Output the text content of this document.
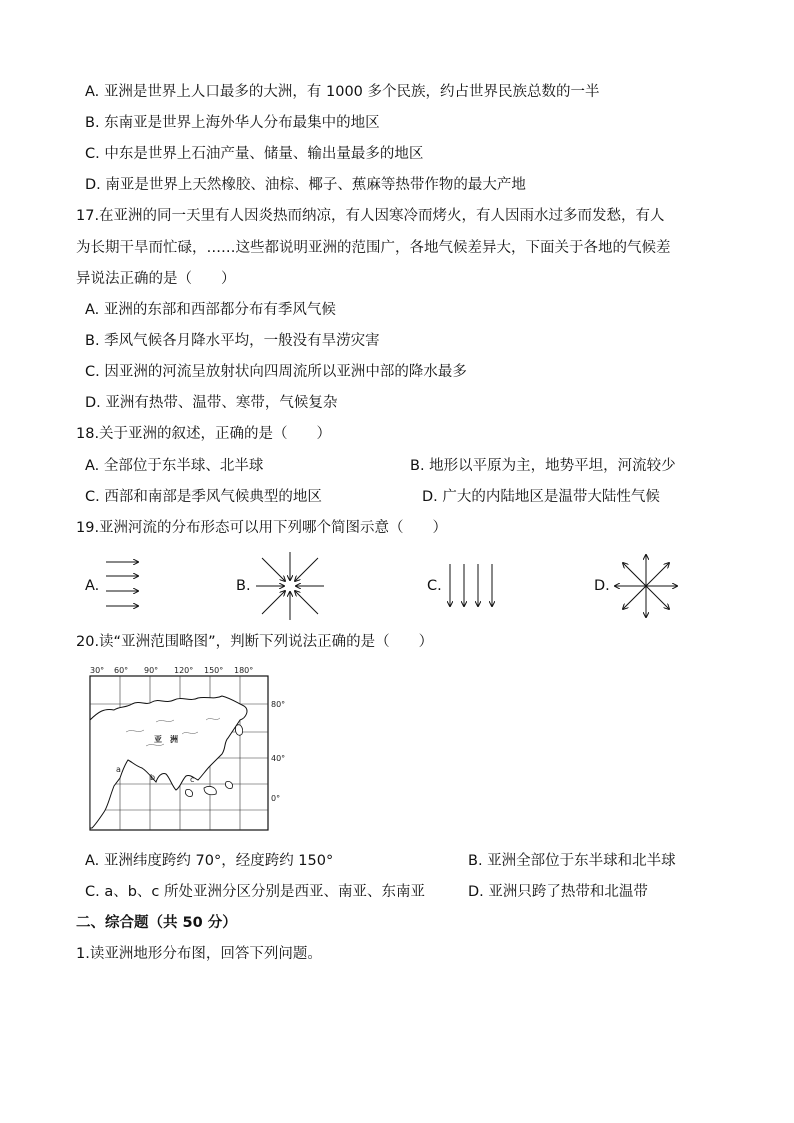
A. 亚洲是世界上人口最多的大洲，有 1000 多个民族，约占世界民族总数的一半
B. 东南亚是世界上海外华人分布最集中的地区
C. 中东是世界上石油产量、储量、输出量最多的地区
D. 南亚是世界上天然橡胶、油棕、椰子、蕉麻等热带作物的最大产地
17.在亚洲的同一天里有人因炎热而纳凉，有人因寒冷而烤火，有人因雨水过多而发愁，有人
为长期干旱而忙碌，……这些都说明亚洲的范围广，各地气候差异大，下面关于各地的气候差
异说法正确的是（　　）
A. 亚洲的东部和西部都分布有季风气候
B. 季风气候各月降水平均，一般没有旱涝灾害
C. 因亚洲的河流呈放射状向四周流所以亚洲中部的降水最多
D. 亚洲有热带、温带、寒带，气候复杂
18.关于亚洲的叙述，正确的是（　　）
A. 全部位于东半球、北半球	B. 地形以平原为主，地势平坦，河流较少
C. 西部和南部是季风气候典型的地区	D. 广大的内陆地区是温带大陆性气候
19.亚洲河流的分布形态可以用下列哪个简图示意（　　）
A.	B.	C.	D.
20.读“亚洲范围略图”，判断下列说法正确的是（　　）
30° 60° 90° 120° 150° 180°
80°
40°
0°
亚　洲
a
b	c
A. 亚洲纬度跨约 70°，经度跨约 150°	B. 亚洲全部位于东半球和北半球
C. a、b、c 所处亚洲分区分别是西亚、南亚、东南亚	D. 亚洲只跨了热带和北温带
二、综合题（共 50 分）
1.读亚洲地形分布图，回答下列问题。
